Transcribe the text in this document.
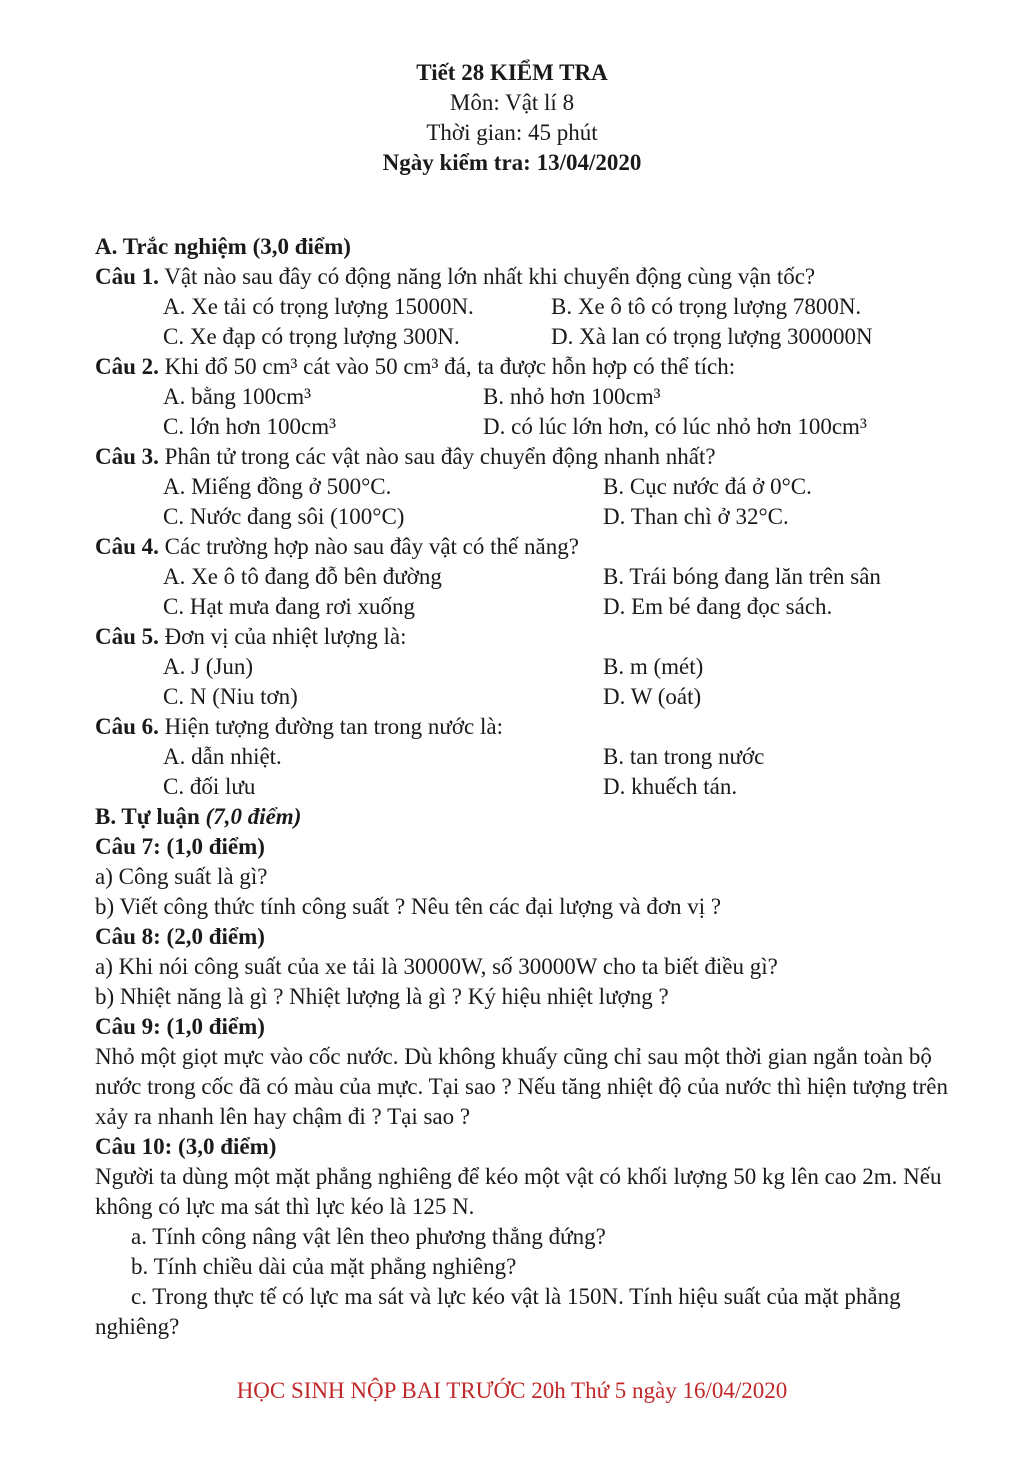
Tiết 28 KIỂM TRA
Môn: Vật lí 8
Thời gian: 45 phút
Ngày kiểm tra: 13/04/2020
A. Trắc nghiệm (3,0 điểm)
Câu 1. Vật nào sau đây có động năng lớn nhất khi chuyển động cùng vận tốc?
A. Xe tải có trọng lượng 15000N.	B. Xe ô tô có trọng lượng 7800N.
C. Xe đạp có trọng lượng 300N.	D. Xà lan có trọng lượng 300000N
Câu 2. Khi đổ 50 cm³ cát vào 50 cm³ đá, ta được hỗn hợp có thể tích:
A. bằng 100cm³	B. nhỏ hơn 100cm³
C. lớn hơn 100cm³	D. có lúc lớn hơn, có lúc nhỏ hơn 100cm³
Câu 3. Phân tử trong các vật nào sau đây chuyển động nhanh nhất?
A. Miếng đồng ở 500°C.	B. Cục nước đá ở 0°C.
C. Nước đang sôi (100°C)	D. Than chì ở 32°C.
Câu 4. Các trường hợp nào sau đây vật có thế năng?
A. Xe ô tô đang đỗ bên đường	B. Trái bóng đang lăn trên sân
C. Hạt mưa đang rơi xuống	D. Em bé đang đọc sách.
Câu 5. Đơn vị của nhiệt lượng là:
A. J (Jun)	B. m (mét)
C. N (Niu tơn)	D. W (oát)
Câu 6. Hiện tượng đường tan trong nước là:
A. dẫn nhiệt.	B. tan trong nước
C. đối lưu	D. khuếch tán.
B. Tự luận (7,0 điểm)
Câu 7: (1,0 điểm)
a) Công suất là gì?
b) Viết công thức tính công suất ? Nêu tên các đại lượng và đơn vị ?
Câu 8: (2,0 điểm)
a) Khi nói công suất của xe tải là 30000W, số 30000W cho ta biết điều gì?
b) Nhiệt năng là gì ? Nhiệt lượng là gì ? Ký hiệu nhiệt lượng ?
Câu 9: (1,0 điểm)
Nhỏ một giọt mực vào cốc nước. Dù không khuấy cũng chỉ sau một thời gian ngắn toàn bộ nước trong cốc đã có màu của mực. Tại sao ? Nếu tăng nhiệt độ của nước thì hiện tượng trên xảy ra nhanh lên hay chậm đi ? Tại sao ?
Câu 10: (3,0 điểm)
Người ta dùng một mặt phẳng nghiêng để kéo một vật có khối lượng 50 kg lên cao 2m. Nếu không có lực ma sát thì lực kéo là 125 N.
a. Tính công nâng vật lên theo phương thẳng đứng?
b. Tính chiều dài của mặt phẳng nghiêng?
c. Trong thực tế có lực ma sát và lực kéo vật là 150N. Tính hiệu suất của mặt phẳng nghiêng?
HỌC SINH NỘP BAI TRƯỚC 20h Thứ 5 ngày 16/04/2020
